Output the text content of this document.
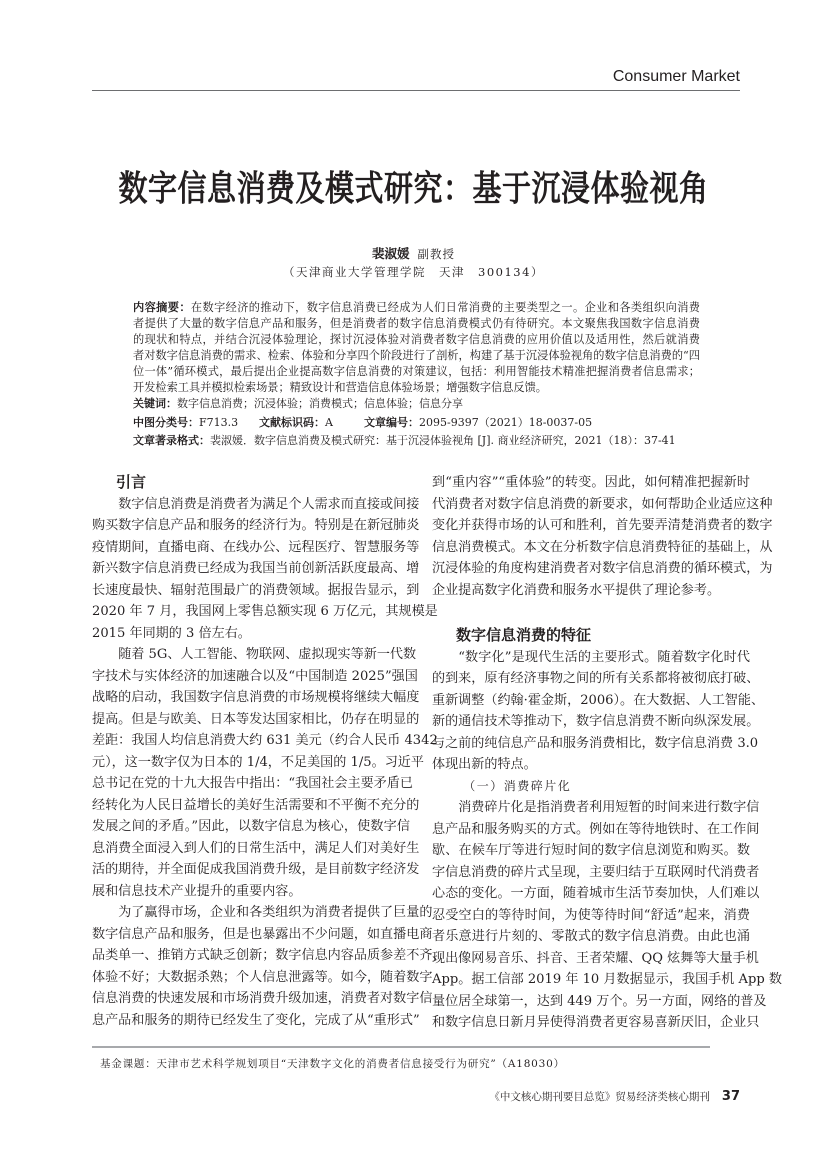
Consumer Market
数字信息消费及模式研究：基于沉浸体验视角
裴淑媛 副教授
（天津商业大学管理学院　天津　300134）
内容摘要：在数字经济的推动下，数字信息消费已经成为人们日常消费的主要类型之一。企业和各类组织向消费
者提供了大量的数字信息产品和服务，但是消费者的数字信息消费模式仍有待研究。本文聚焦我国数字信息消费
的现状和特点，并结合沉浸体验理论，探讨沉浸体验对消费者数字信息消费的应用价值以及适用性，然后就消费
者对数字信息消费的需求、检索、体验和分享四个阶段进行了剖析，构建了基于沉浸体验视角的数字信息消费的“四
位一体”循环模式，最后提出企业提高数字信息消费的对策建议，包括：利用智能技术精准把握消费者信息需求；
开发检索工具并模拟检索场景；精致设计和营造信息体验场景；增强数字信息反馈。
关键词：数字信息消费；沉浸体验；消费模式；信息体验；信息分享
中图分类号：F713.3 文献标识码：A	文章编号：2095-9397（2021）18-0037-05
文章著录格式：裴淑媛．数字信息消费及模式研究：基于沉浸体验视角 [J]. 商业经济研究，2021（18）：37-41
引言
数字信息消费是消费者为满足个人需求而直接或间接
购买数字信息产品和服务的经济行为。特别是在新冠肺炎
疫情期间，直播电商、在线办公、远程医疗、智慧服务等
新兴数字信息消费已经成为我国当前创新活跃度最高、增
长速度最快、辐射范围最广的消费领域。据报告显示，到
2020 年 7 月，我国网上零售总额实现 6 万亿元，其规模是
2015 年同期的 3 倍左右。
随着 5G、人工智能、物联网、虚拟现实等新一代数
字技术与实体经济的加速融合以及“中国制造 2025”强国
战略的启动，我国数字信息消费的市场规模将继续大幅度
提高。但是与欧美、日本等发达国家相比，仍存在明显的
差距：我国人均信息消费大约 631 美元（约合人民币 4342
元），这一数字仅为日本的 1/4，不足美国的 1/5。习近平
总书记在党的十九大报告中指出：“我国社会主要矛盾已
经转化为人民日益增长的美好生活需要和不平衡不充分的
发展之间的矛盾。”因此，以数字信息为核心，使数字信
息消费全面浸入到人们的日常生活中，满足人们对美好生
活的期待，并全面促成我国消费升级，是目前数字经济发
展和信息技术产业提升的重要内容。
为了赢得市场，企业和各类组织为消费者提供了巨量的
数字信息产品和服务，但是也暴露出不少问题，如直播电商
品类单一、推销方式缺乏创新；数字信息内容品质参差不齐、
体验不好；大数据杀熟；个人信息泄露等。如今，随着数字
信息消费的快速发展和市场消费升级加速，消费者对数字信
息产品和服务的期待已经发生了变化，完成了从“重形式”
到“重内容”“重体验”的转变。因此，如何精准把握新时
代消费者对数字信息消费的新要求，如何帮助企业适应这种
变化并获得市场的认可和胜利，首先要弄清楚消费者的数字
信息消费模式。本文在分析数字信息消费特征的基础上，从
沉浸体验的角度构建消费者对数字信息消费的循环模式，为
企业提高数字化消费和服务水平提供了理论参考。
数字信息消费的特征
“数字化”是现代生活的主要形式。随着数字化时代
的到来，原有经济事物之间的所有关系都将被彻底打破、
重新调整（约翰·霍金斯，2006）。在大数据、人工智能、
新的通信技术等推动下，数字信息消费不断向纵深发展。
与之前的纯信息产品和服务消费相比，数字信息消费 3.0
体现出新的特点。
（一）消费碎片化
消费碎片化是指消费者利用短暂的时间来进行数字信
息产品和服务购买的方式。例如在等待地铁时、在工作间
歇、在候车厅等进行短时间的数字信息浏览和购买。数
字信息消费的碎片式呈现，主要归结于互联网时代消费者
心态的变化。一方面，随着城市生活节奏加快，人们难以
忍受空白的等待时间，为使等待时间“舒适”起来，消费
者乐意进行片刻的、零散式的数字信息消费。由此也涌
现出像网易音乐、抖音、王者荣耀、QQ 炫舞等大量手机
App。据工信部 2019 年 10 月数据显示，我国手机 App 数
量位居全球第一，达到 449 万个。另一方面，网络的普及
和数字信息日新月异使得消费者更容易喜新厌旧，企业只
基金课题：天津市艺术科学规划项目“天津数字文化的消费者信息接受行为研究”（A18030）
《中文核心期刊要目总览》贸易经济类核心期刊 37
